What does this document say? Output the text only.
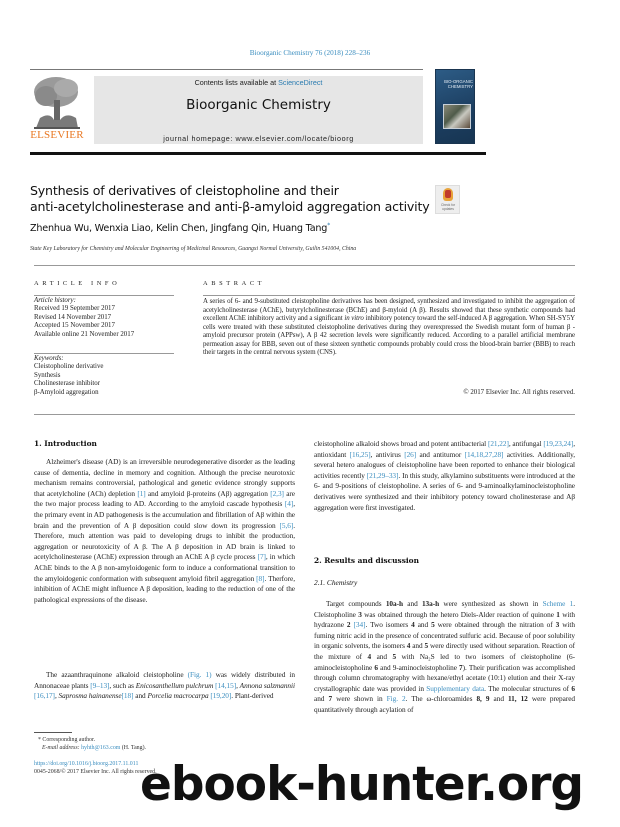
Bioorganic Chemistry 76 (2018) 228–236
ELSEVIER
Contents lists available at ScienceDirect
Bioorganic Chemistry
journal homepage: www.elsevier.com/locate/bioorg
BIO-ORGANIC
CHEMISTRY
Check for
updates
Synthesis of derivatives of cleistopholine and their
anti-acetylcholinesterase and anti-β-amyloid aggregation activity
Zhenhua Wu, Wenxia Liao, Kelin Chen, Jingfang Qin, Huang Tang*
State Key Laboratory for Chemistry and Molecular Engineering of Medicinal Resources, Guangxi Normal University, Guilin 541004, China
ARTICLE INFO
Article history:
Received 19 September 2017
Revised 14 November 2017
Accepted 15 November 2017
Available online 21 November 2017
Keywords:
Cleistopholine derivative
Synthesis
Cholinesterase inhibitor
β-Amyloid aggregation
ABSTRACT
A series of 6- and 9-substituted cleistopholine derivatives has been designed, synthesized and investigated to inhibit the aggregation of acetylcholinesterase (AChE), butyrylcholinesterase (BChE) and β-myloid (A β). Results showed that these synthetic compounds had excellent AChE inhibitory activity and a significant in vitro inhibitory potency toward the self-induced A β aggregation. When SH-SY5Y cells were treated with these substituted cleistopholine derivatives during they overexpressed the Swedish mutant form of human β -amyloid precursor protein (APPsw), A β 42 secretion levels were significantly reduced. According to a parallel artificial membrane permeation assay for BBB, seven out of these sixteen synthetic compounds probably could cross the blood-brain barrier (BBB) to reach their targets in the central nervous system (CNS).
© 2017 Elsevier Inc. All rights reserved.
1. Introduction
Alzheimer's disease (AD) is an irreversible neurodegenerative disorder as the leading cause of dementia, decline in memory and cognition. Although the precise neurotoxic mechanism remains controversial, pathological and genetic evidence strongly supports that acetylcholine (ACh) depletion [1] and amyloid β-proteins (Aβ) aggregation [2,3] are the two major process leading to AD. According to the amyloid cascade hypothesis [4], the primary event in AD pathogenesis is the accumulation and fibrillation of Aβ within the brain and the prevention of A β deposition could slow down its progression [5,6]. Therefore, much attention was paid to developing drugs to inhibit the production, aggregation or neurotoxicity of A β. The A β deposition in AD brain is linked to acetylcholinesterase (AChE) expression through an AChE A β cycle process [7], in which AChE binds to the A β non-amyloidogenic form to induce a conformational transition to the amyloidogenic conformation with subsequent amyloid fibril aggregation [8]. Therfore, inhibition of AChE might influence A β deposition, leading to the reduction of one of the pathological expressions of the disease.
The azaanthraquinone alkaloid cleistopholine (Fig. 1) was widely distributed in Annonaceae plants [9–13], such as Enicosanthellum pulchrum [14,15], Annona salzmannii [16,17], Saprosma hainanense[18] and Porcelia macrocarpa [19,20]. Plant-derived
* Corresponding author.
E-mail address: hyhth@163.com (H. Tang).
https://doi.org/10.1016/j.bioorg.2017.11.011
0045-2068/© 2017 Elsevier Inc. All rights reserved.
cleistopholine alkaloid shows broad and potent antibacterial [21,22], antifungal [19,23,24], antioxidant [16,25], antivirus [26] and antitumor [14,18,27,28] activities. Additionally, several hetero analogues of cleistopholine have been reported to enhance their biological activities recently [21,29–33]. In this study, alkylamino substituents were introduced at the 6- and 9-positions of cleistopholine. A series of 6- and 9-aminoalkylaminocleistopholine derivatives were synthesized and their inhibitory potency toward cholinesterase and Aβ aggregation were first investigated.
2. Results and discussion
2.1. Chemistry
Target compounds 10a-h and 13a-h were synthesized as shown in Scheme 1. Cleistopholine 3 was obtained through the hetero Diels-Alder reaction of quinone 1 with hydrazone 2 [34]. Two isomers 4 and 5 were obtained through the nitration of 3 with fuming nitric acid in the presence of concentrated sulfuric acid. Because of poor solubility in organic solvents, the isomers 4 and 5 were directly used without separation. Reaction of the mixture of 4 and 5 with Na₂S led to two isomers of cleistopholine (6-aminocleistopholine 6 and 9-aminocleistopholine 7). Their purification was accomplished through column chromatography with hexane/ethyl acetate (10:1) elution and their X-ray crystallographic date was provided in Supplementary data. The molecular structures of 6 and 7 were shown in Fig. 2. The ω-chloroamides 8, 9 and 11, 12 were prepared quantitatively through acylation of
ebook-hunter.org
